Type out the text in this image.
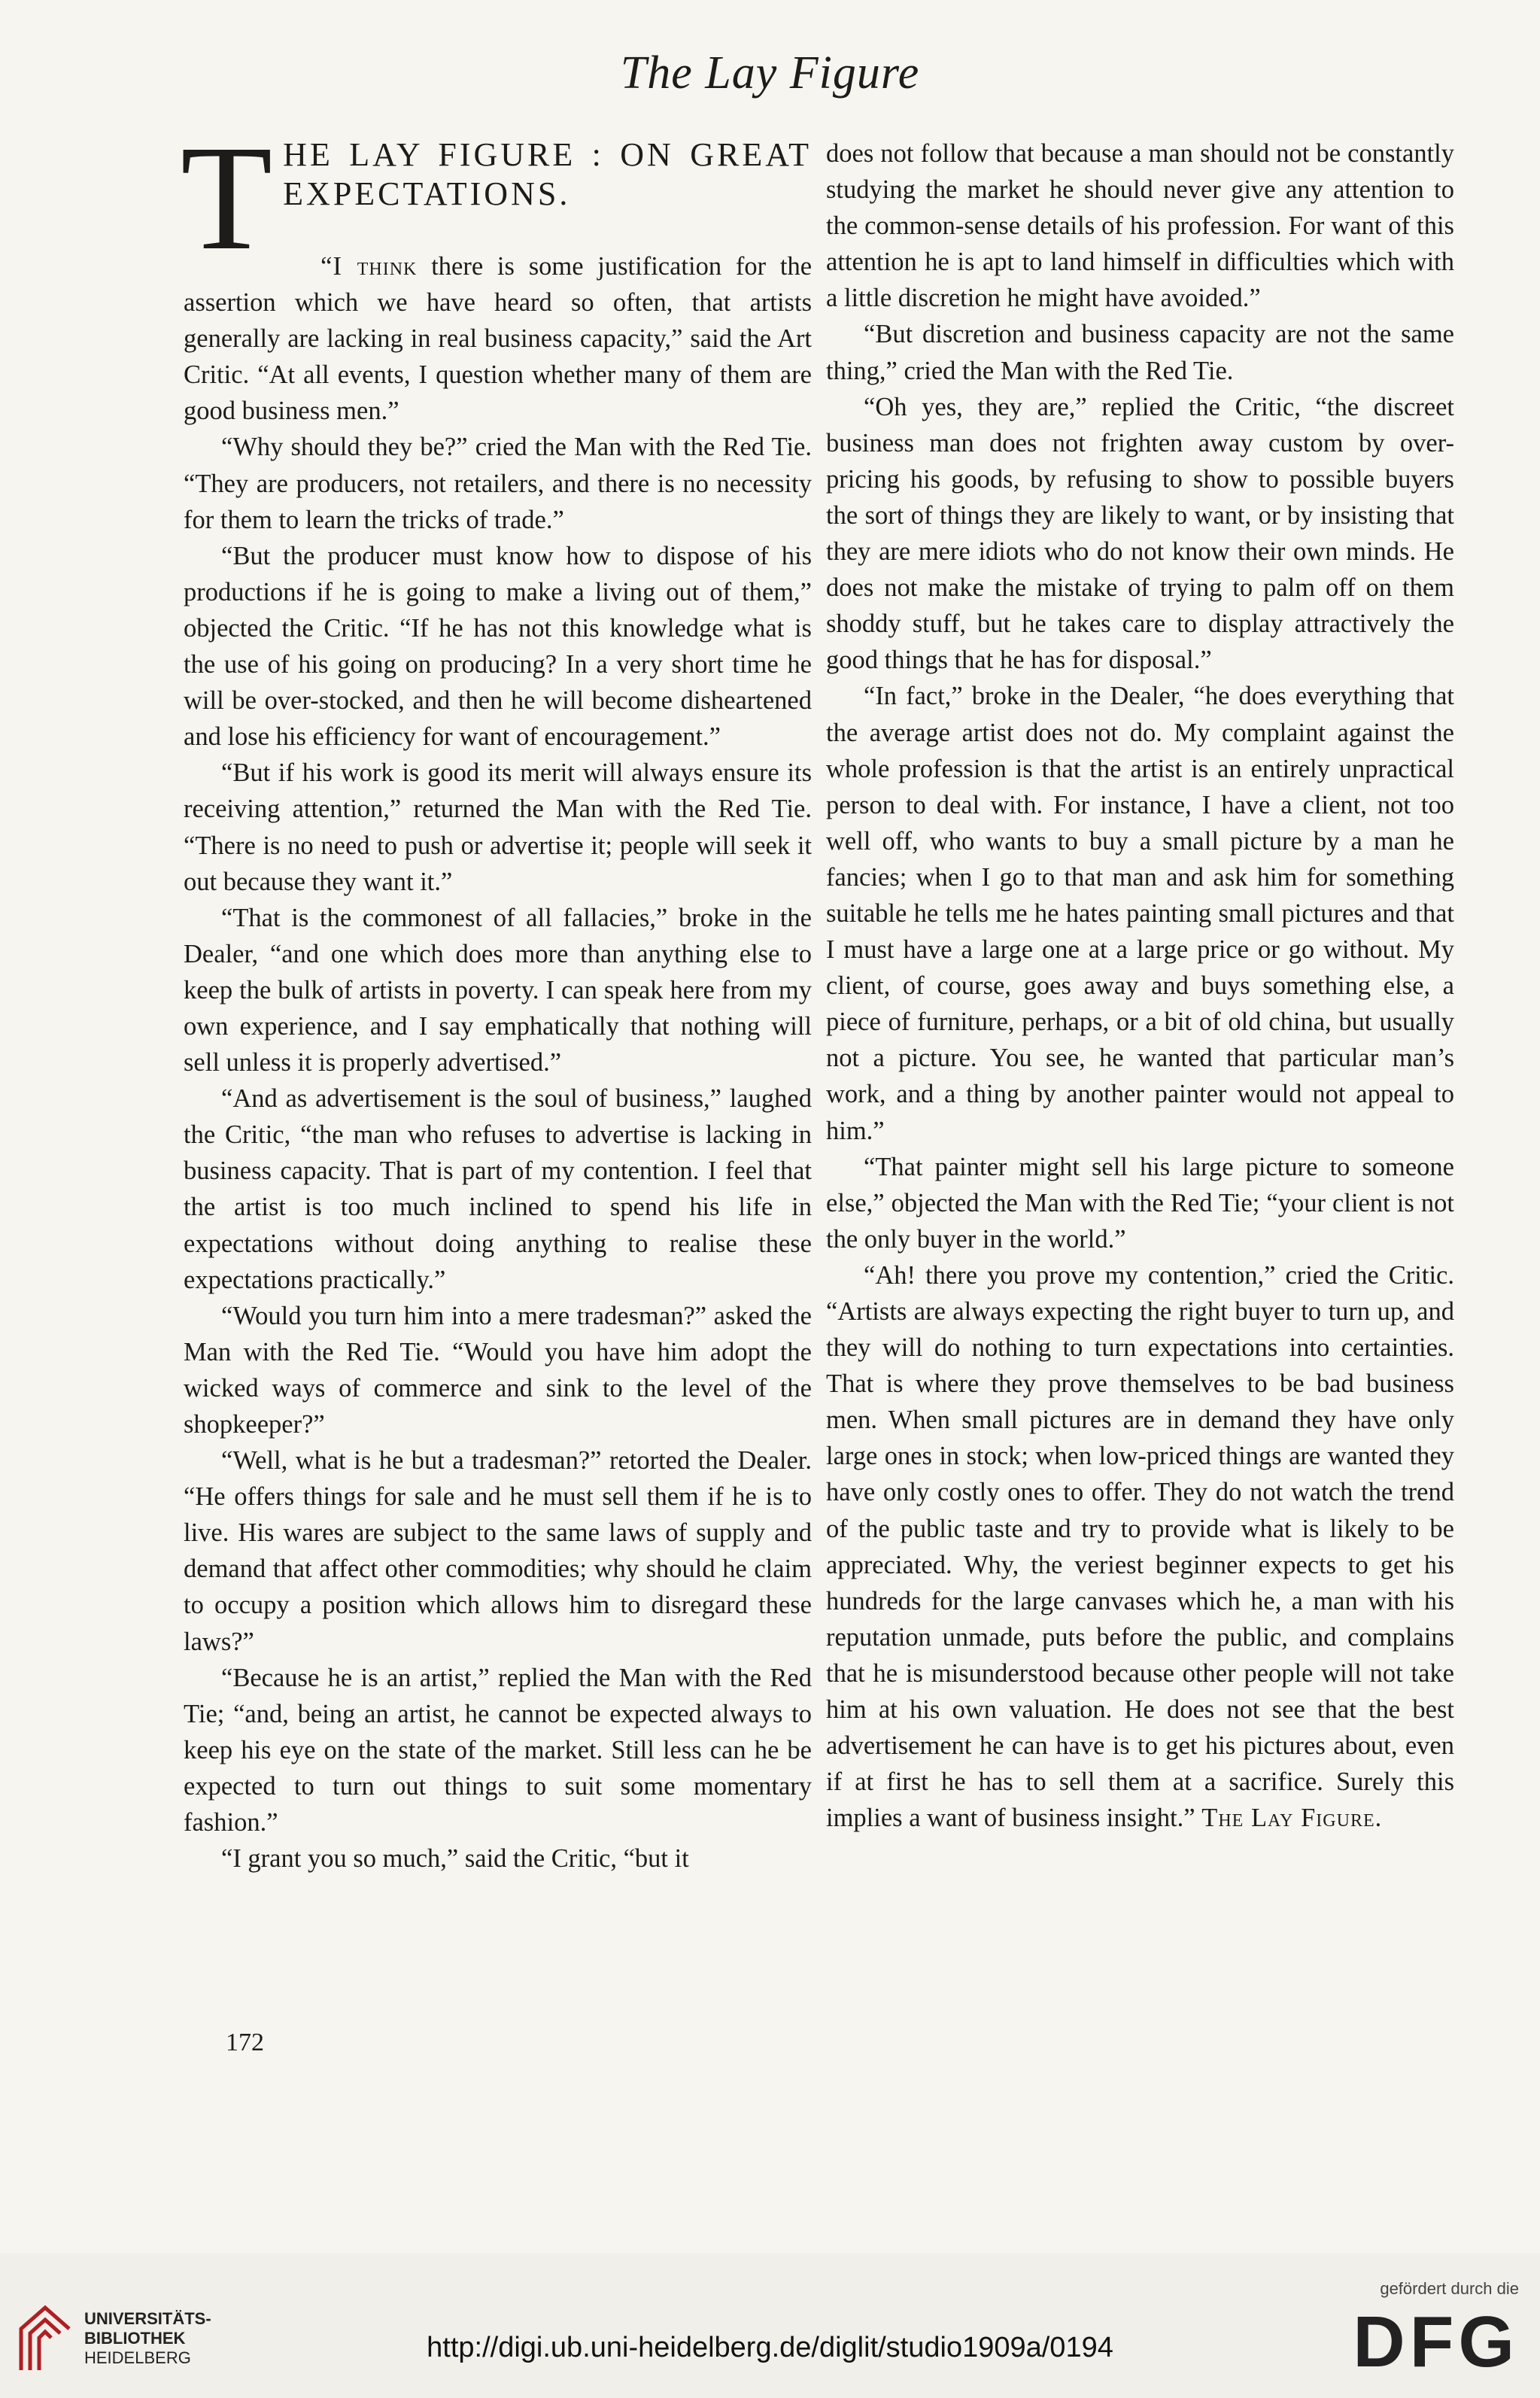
The Lay Figure
THE LAY FIGURE : ON GREAT EXPECTATIONS.

“I think there is some justification for the assertion which we have heard so often, that artists generally are lacking in real business capacity,” said the Art Critic. “At all events, I question whether many of them are good business men.”

“Why should they be?” cried the Man with the Red Tie. “They are producers, not retailers, and there is no necessity for them to learn the tricks of trade.”

“But the producer must know how to dispose of his productions if he is going to make a living out of them,” objected the Critic. “If he has not this knowledge what is the use of his going on producing? In a very short time he will be over-stocked, and then he will become disheartened and lose his efficiency for want of encouragement.”

“But if his work is good its merit will always ensure its receiving attention,” returned the Man with the Red Tie. “There is no need to push or advertise it; people will seek it out because they want it.”

“That is the commonest of all fallacies,” broke in the Dealer, “and one which does more than anything else to keep the bulk of artists in poverty. I can speak here from my own experience, and I say emphatically that nothing will sell unless it is properly advertised.”

“And as advertisement is the soul of business,” laughed the Critic, “the man who refuses to advertise is lacking in business capacity. That is part of my contention. I feel that the artist is too much inclined to spend his life in expectations without doing anything to realise these expectations practically.”

“Would you turn him into a mere tradesman?” asked the Man with the Red Tie. “Would you have him adopt the wicked ways of commerce and sink to the level of the shopkeeper?”

“Well, what is he but a tradesman?” retorted the Dealer. “He offers things for sale and he must sell them if he is to live. His wares are subject to the same laws of supply and demand that affect other commodities; why should he claim to occupy a position which allows him to disregard these laws?”

“Because he is an artist,” replied the Man with the Red Tie; “and, being an artist, he cannot be expected always to keep his eye on the state of the market. Still less can he be expected to turn out things to suit some momentary fashion.”

“I grant you so much,” said the Critic, “but it

does not follow that because a man should not be constantly studying the market he should never give any attention to the common-sense details of his profession. For want of this attention he is apt to land himself in difficulties which with a little discretion he might have avoided.”

“But discretion and business capacity are not the same thing,” cried the Man with the Red Tie.

“Oh yes, they are,” replied the Critic, “the discreet business man does not frighten away custom by over-pricing his goods, by refusing to show to possible buyers the sort of things they are likely to want, or by insisting that they are mere idiots who do not know their own minds. He does not make the mistake of trying to palm off on them shoddy stuff, but he takes care to display attractively the good things that he has for disposal.”

“In fact,” broke in the Dealer, “he does everything that the average artist does not do. My complaint against the whole profession is that the artist is an entirely unpractical person to deal with. For instance, I have a client, not too well off, who wants to buy a small picture by a man he fancies; when I go to that man and ask him for something suitable he tells me he hates painting small pictures and that I must have a large one at a large price or go without. My client, of course, goes away and buys something else, a piece of furniture, perhaps, or a bit of old china, but usually not a picture. You see, he wanted that particular man’s work, and a thing by another painter would not appeal to him.”

“That painter might sell his large picture to someone else,” objected the Man with the Red Tie; “your client is not the only buyer in the world.”

“Ah! there you prove my contention,” cried the Critic. “Artists are always expecting the right buyer to turn up, and they will do nothing to turn expectations into certainties. That is where they prove themselves to be bad business men. When small pictures are in demand they have only large ones in stock; when low-priced things are wanted they have only costly ones to offer. They do not watch the trend of the public taste and try to provide what is likely to be appreciated. Why, the veriest beginner expects to get his hundreds for the large canvases which he, a man with his reputation unmade, puts before the public, and complains that he is misunderstood because other people will not take him at his own valuation. He does not see that the best advertisement he can have is to get his pictures about, even if at first he has to sell them at a sacrifice. Surely this implies a want of business insight.” The Lay Figure.

172
UNIVERSITÄTS-
BIBLIOTHEK
HEIDELBERG	http://digi.ub.uni-heidelberg.de/diglit/studio1909a/0194
gefördert durch die
DFG
